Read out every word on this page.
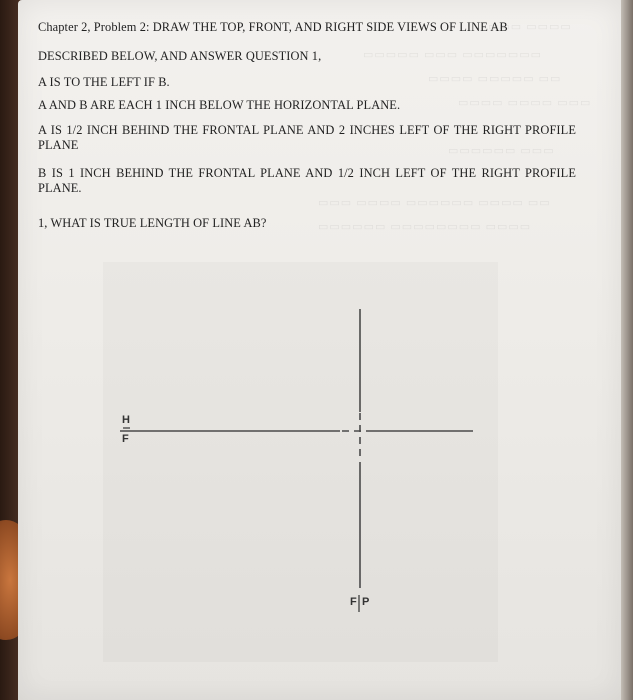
▭▭▭ ▭▭▭▭
▭▭▭▭▭ ▭▭▭ ▭▭▭▭▭▭▭
▭▭▭▭ ▭▭▭▭▭ ▭▭
▭▭▭▭ ▭▭▭▭ ▭▭▭
▭▭▭▭▭▭ ▭▭▭
▭▭▭ ▭▭▭▭ ▭▭▭▭▭▭ ▭▭▭▭ ▭▭
▭▭▭▭▭▭ ▭▭▭▭▭▭▭▭ ▭▭▭▭
Chapter 2, Problem 2: DRAW THE TOP, FRONT, AND RIGHT SIDE VIEWS OF LINE AB
DESCRIBED BELOW, AND ANSWER QUESTION 1,
A IS TO THE LEFT IF B.
A AND B ARE EACH 1 INCH BELOW THE HORIZONTAL PLANE.
A IS 1/2 INCH BEHIND THE FRONTAL PLANE AND 2 INCHES LEFT OF THE RIGHT PROFILE PLANE
B IS 1 INCH BEHIND THE FRONTAL PLANE AND 1/2 INCH LEFT OF THE RIGHT PROFILE PLANE.
1, WHAT IS TRUE LENGTH OF LINE AB?
H
F
F P
